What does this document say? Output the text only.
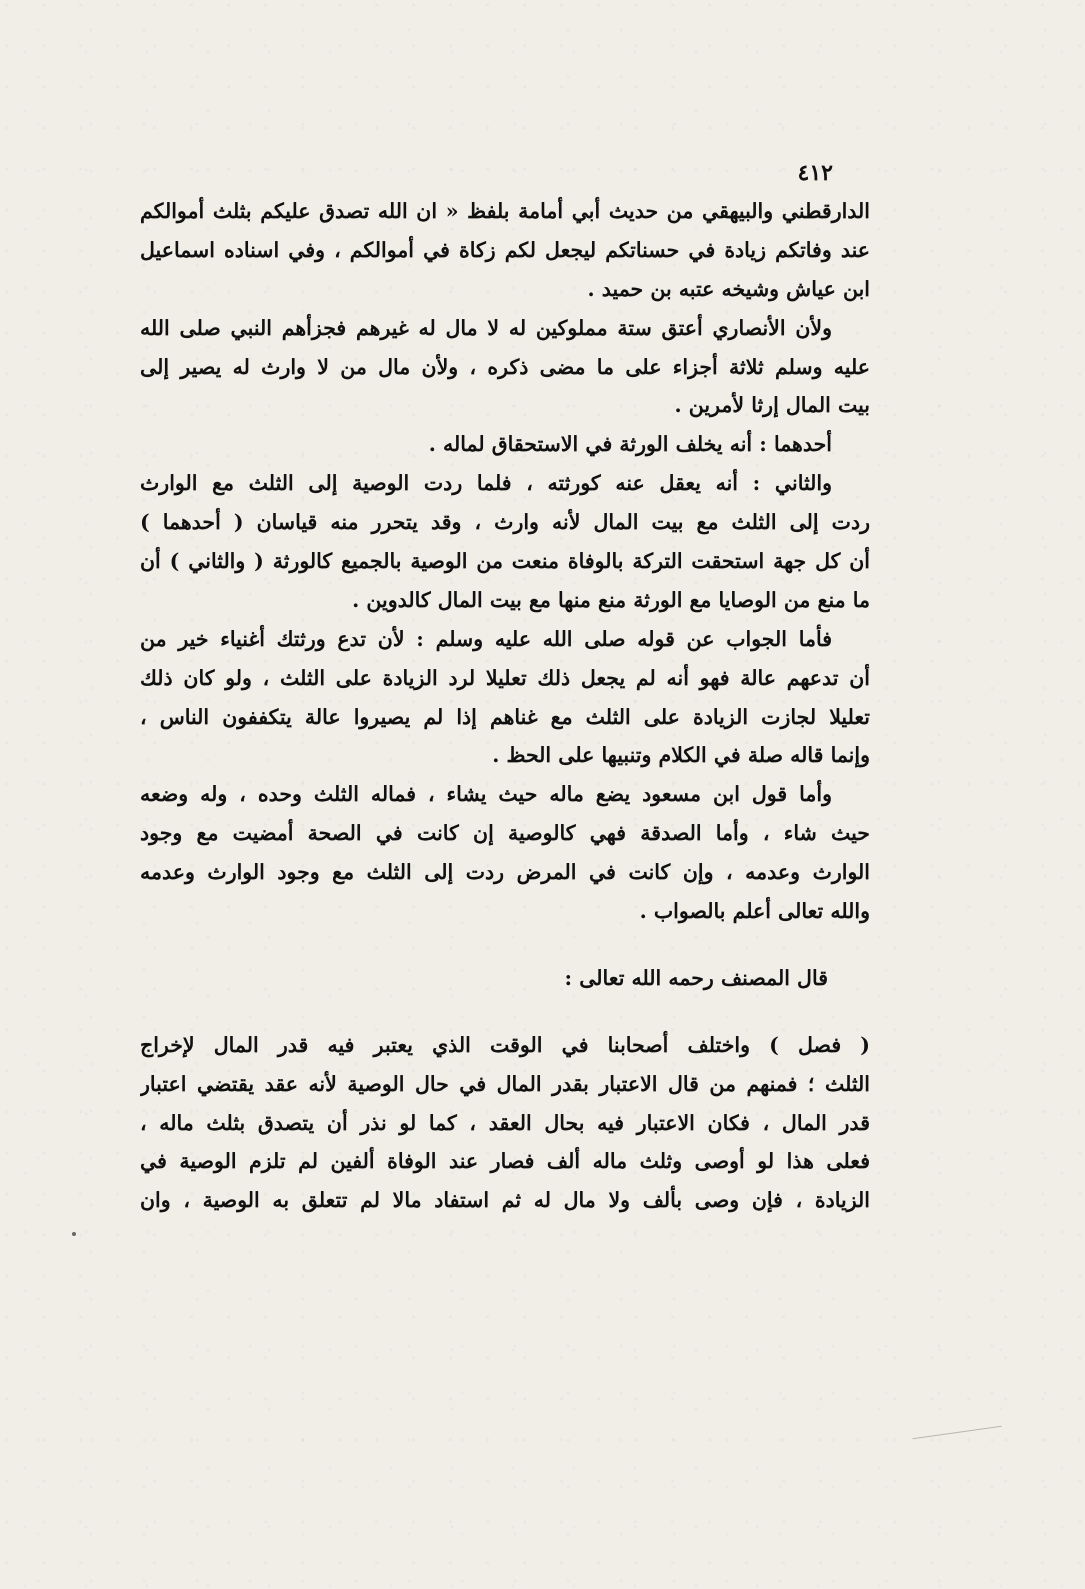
٤١٢
الدارقطني والبيهقي من حديث أبي أمامة بلفظ « ان الله تصدق عليكم بثلث أموالكم
عند وفاتكم زيادة في حسناتكم ليجعل لكم زكاة في أموالكم ، وفي اسناده اسماعيل
ابن عياش وشيخه عتبه بن حميد .
ولأن الأنصاري أعتق ستة مملوكين له لا مال له غيرهم فجزأهم النبي صلى الله
عليه وسلم ثلاثة أجزاء على ما مضى ذكره ، ولأن مال من لا وارث له يصير إلى
بيت المال إرثا لأمرين .
أحدهما : أنه يخلف الورثة في الاستحقاق لماله .
والثاني : أنه يعقل عنه كورثته ، فلما ردت الوصية إلى الثلث مع الوارث
ردت إلى الثلث مع بيت المال لأنه وارث ، وقد يتحرر منه قياسان ( أحدهما )
أن كل جهة استحقت التركة بالوفاة منعت من الوصية بالجميع كالورثة ( والثاني ) أن
ما منع من الوصايا مع الورثة منع منها مع بيت المال كالدوين .
فأما الجواب عن قوله صلى الله عليه وسلم : لأن تدع ورثتك أغنياء خير من
أن تدعهم عالة فهو أنه لم يجعل ذلك تعليلا لرد الزيادة على الثلث ، ولو كان ذلك
تعليلا لجازت الزيادة على الثلث مع غناهم إذا لم يصيروا عالة يتكففون الناس ،
وإنما قاله صلة في الكلام وتنبيها على الحظ .
وأما قول ابن مسعود يضع ماله حيث يشاء ، فماله الثلث وحده ، وله وضعه
حيث شاء ، وأما الصدقة فهي كالوصية إن كانت في الصحة أمضيت مع وجود
الوارث وعدمه ، وإن كانت في المرض ردت إلى الثلث مع وجود الوارث وعدمه
والله تعالى أعلم بالصواب .
قال المصنف رحمه الله تعالى :
( فصل ) واختلف أصحابنا في الوقت الذي يعتبر فيه قدر المال لإخراج
الثلث ؛ فمنهم من قال الاعتبار بقدر المال في حال الوصية لأنه عقد يقتضي اعتبار
قدر المال ، فكان الاعتبار فيه بحال العقد ، كما لو نذر أن يتصدق بثلث ماله ،
فعلى هذا لو أوصى وثلث ماله ألف فصار عند الوفاة ألفين لم تلزم الوصية في
الزيادة ، فإن وصى بألف ولا مال له ثم استفاد مالا لم تتعلق به الوصية ، وان
